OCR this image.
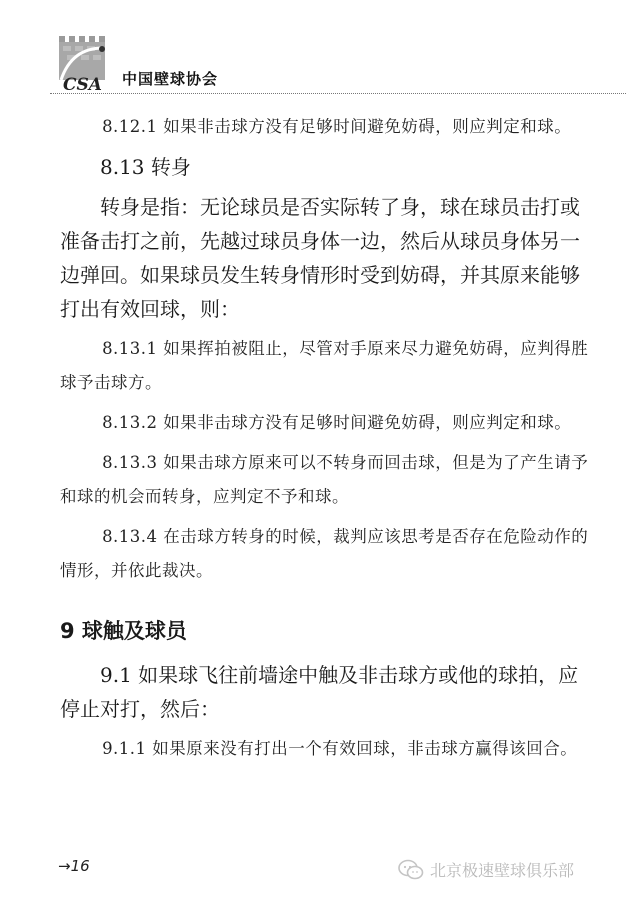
CSA 中国壁球协会

8.12.1 如果非击球方没有足够时间避免妨碍，则应判定和球。

8.13 转身

转身是指：无论球员是否实际转了身，球在球员击打或准备击打之前，先越过球员身体一边，然后从球员身体另一边弹回。如果球员发生转身情形时受到妨碍，并其原来能够打出有效回球，则：

8.13.1 如果挥拍被阻止，尽管对手原来尽力避免妨碍，应判得胜球予击球方。

8.13.2 如果非击球方没有足够时间避免妨碍，则应判定和球。

8.13.3 如果击球方原来可以不转身而回击球，但是为了产生请予和球的机会而转身，应判定不予和球。

8.13.4 在击球方转身的时候，裁判应该思考是否存在危险动作的情形，并依此裁决。

9 球触及球员

9.1 如果球飞往前墙途中触及非击球方或他的球拍，应停止对打，然后：

9.1.1 如果原来没有打出一个有效回球，非击球方赢得该回合。

→16	北京极速壁球俱乐部
